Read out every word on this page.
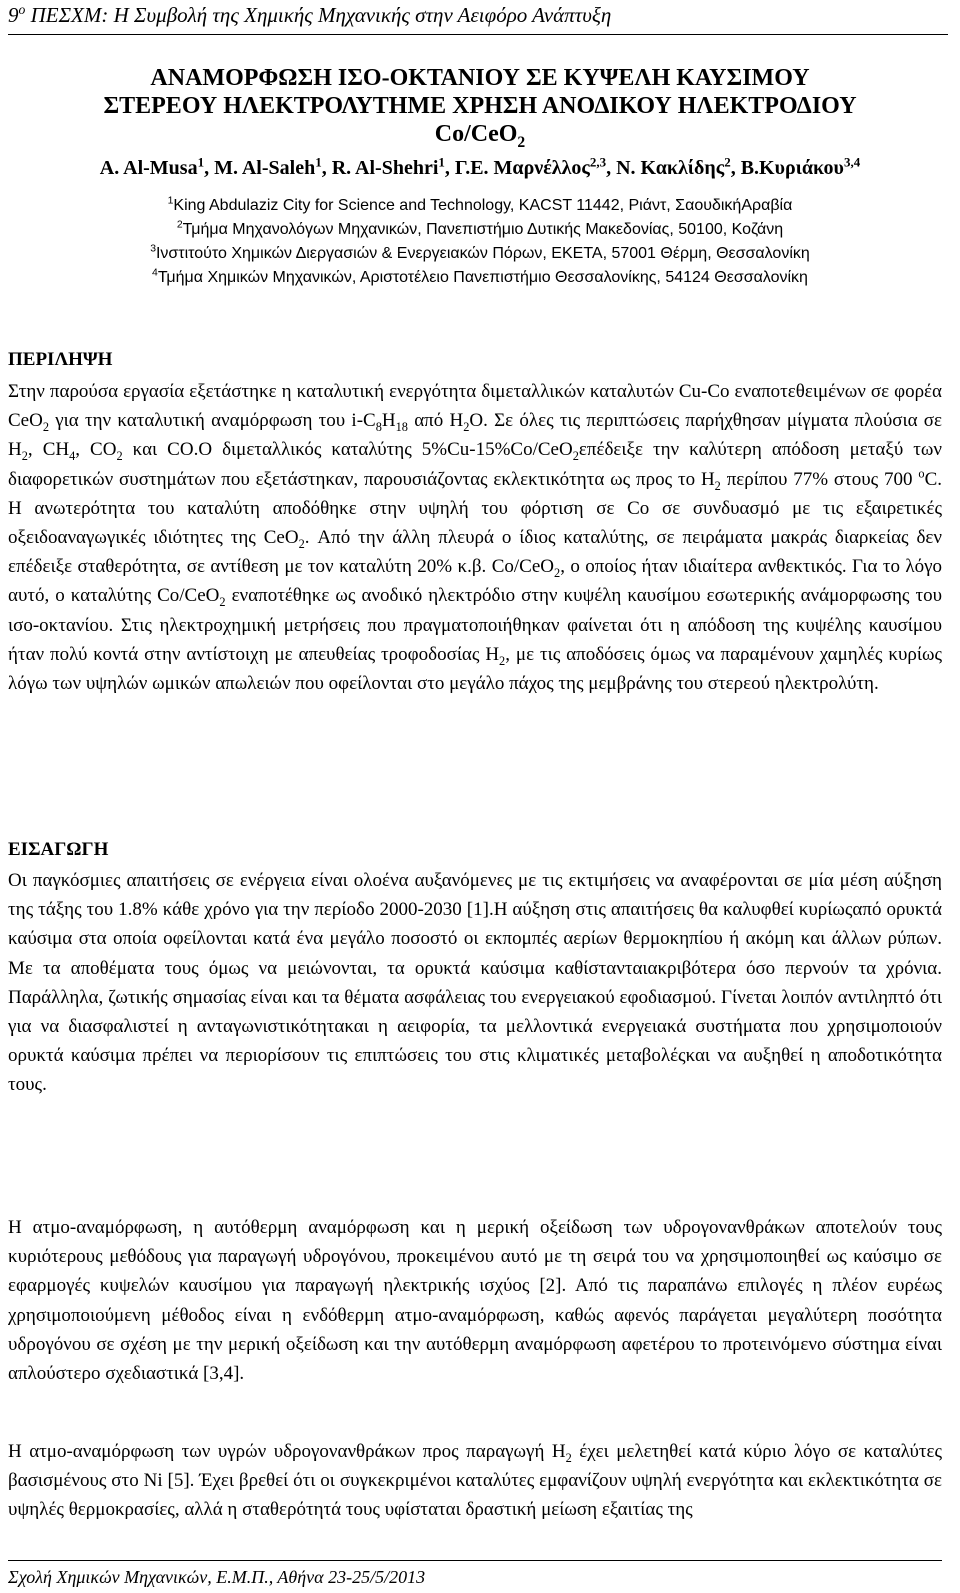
$9^o$ ΠΕΣΧΜ: Η Συμβολή της Χημικής Μηχανικής στην Αειφόρο Ανάπτυξη
ΑΝΑΜΟΡΦΩΣΗ ΙΣΟ-ΟΚΤΑΝΙΟΥ ΣΕ ΚΥΨΕΛΗ ΚΑΥΣΙΜΟΥ
ΣΤΕΡΕΟΥ ΗΛΕΚΤΡΟΛΥΤΗΜΕ ΧΡΗΣΗ ΑΝΟΔΙΚΟΥ ΗΛΕΚΤΡΟΔΙΟΥ
Co/CeO$_2$
A. Al-Musa$^1$, M. Al-Saleh$^1$, R. Al-Shehri$^1$, Γ.Ε. Μαρνέλλος$^{2,3}$, Ν. Κακλίδης$^2$, Β.Κυριάκου$^{3,4}$
$^1$King Abdulaziz City for Science and Technology, KACST 11442, Ριάντ, ΣαουδικήΑραβία
$^2$Τμήμα Μηχανολόγων Μηχανικών, Πανεπιστήμιο Δυτικής Μακεδονίας, 50100, Κοζάνη
$^3$Ινστιτούτο Χημικών Διεργασιών & Ενεργειακών Πόρων, ΕΚΕΤΑ, 57001 Θέρμη, Θεσσαλονίκη
$^4$Τμήμα Χημικών Μηχανικών, Αριστοτέλειο Πανεπιστήμιο Θεσσαλονίκης, 54124 Θεσσαλονίκη
ΠΕΡΙΛΗΨΗ
Στην παρούσα εργασία εξετάστηκε η καταλυτική ενεργότητα διμεταλλικών καταλυτών Cu-Co εναποτεθειμένων σε φορέα CeO$_2$ για την καταλυτική αναμόρφωση του $i-C_8H_{18}$ από $H_2O$. Σε όλες τις περιπτώσεις παρήχθησαν μίγματα πλούσια σε $H_2$, $CH_4$, $CO_2$ και CO.Ο διμεταλλικός καταλύτης 5%Cu-15%Co/CeO$_2$επέδειξε την καλύτερη απόδοση μεταξύ των διαφορετικών συστημάτων που εξετάστηκαν, παρουσιάζοντας εκλεκτικότητα ως προς το $H_2$ περίπου 77% στους 700 $^o$C. Η ανωτερότητα του καταλύτη αποδόθηκε στην υψηλή του φόρτιση σε Co σε συνδυασμό με τις εξαιρετικές οξειδοαναγωγικές ιδιότητες της CeO$_2$. Από την άλλη πλευρά ο ίδιος καταλύτης, σε πειράματα μακράς διαρκείας δεν επέδειξε σταθερότητα, σε αντίθεση με τον καταλύτη 20% κ.β. Co/CeO$_2$, ο οποίος ήταν ιδιαίτερα ανθεκτικός. Για το λόγο αυτό, ο καταλύτης Co/CeO$_2$ εναποτέθηκε ως ανοδικό ηλεκτρόδιο στην κυψέλη καυσίμου εσωτερικής ανάμορφωσης του ισο-οκτανίου. Στις ηλεκτροχημική μετρήσεις που πραγματοποιήθηκαν φαίνεται ότι η απόδοση της κυψέλης καυσίμου ήταν πολύ κοντά στην αντίστοιχη με απευθείας τροφοδοσίας $H_2$, με τις αποδόσεις όμως να παραμένουν χαμηλές κυρίως λόγω των υψηλών ωμικών απωλειών που οφείλονται στο μεγάλο πάχος της μεμβράνης του στερεού ηλεκτρολύτη.
ΕΙΣΑΓΩΓΗ
Οι παγκόσμιες απαιτήσεις σε ενέργεια είναι ολοένα αυξανόμενες με τις εκτιμήσεις να αναφέρονται σε μία μέση αύξηση της τάξης του 1.8% κάθε χρόνο για την περίοδο 2000-2030 [1].Η αύξηση στις απαιτήσεις θα καλυφθεί κυρίωςαπό ορυκτά καύσιμα στα οποία οφείλονται κατά ένα μεγάλο ποσοστό οι εκπομπές αερίων θερμοκηπίου ή ακόμη και άλλων ρύπων. Με τα αποθέματα τους όμως να μειώνονται, τα ορυκτά καύσιμα καθίστανταιακριβότερα όσο περνούν τα χρόνια. Παράλληλα, ζωτικής σημασίας είναι και τα θέματα ασφάλειας του ενεργειακού εφοδιασμού. Γίνεται λοιπόν αντιληπτό ότι για να διασφαλιστεί η ανταγωνιστικότητακαι η αειφορία, τα μελλοντικά ενεργειακά συστήματα που χρησιμοποιούν ορυκτά καύσιμα πρέπει να περιορίσουν τις επιπτώσεις του στις κλιματικές μεταβολέςκαι να αυξηθεί η αποδοτικότητα τους.
Η ατμο-αναμόρφωση, η αυτόθερμη αναμόρφωση και η μερική οξείδωση των υδρογονανθράκων αποτελούν τους κυριότερους μεθόδους για παραγωγή υδρογόνου, προκειμένου αυτό με τη σειρά του να χρησιμοποιηθεί ως καύσιμο σε εφαρμογές κυψελών καυσίμου για παραγωγή ηλεκτρικής ισχύος [2]. Από τις παραπάνω επιλογές η πλέον ευρέως χρησιμοποιούμενη μέθοδος είναι η ενδόθερμη ατμο-αναμόρφωση, καθώς αφενός παράγεται μεγαλύτερη ποσότητα υδρογόνου σε σχέση με την μερική οξείδωση και την αυτόθερμη αναμόρφωση αφετέρου το προτεινόμενο σύστημα είναι απλούστερο σχεδιαστικά [3,4].
Η ατμο-αναμόρφωση των υγρών υδρογονανθράκων προς παραγωγή $H_2$ έχει μελετηθεί κατά κύριο λόγο σε καταλύτες βασισμένους στο Ni [5]. Έχει βρεθεί ότι οι συγκεκριμένοι καταλύτες εμφανίζουν υψηλή ενεργότητα και εκλεκτικότητα σε υψηλές θερμοκρασίες, αλλά η σταθερότητά τους υφίσταται δραστική μείωση εξαιτίας της
Σχολή Χημικών Μηχανικών, Ε.Μ.Π., Αθήνα 23-25/5/2013
